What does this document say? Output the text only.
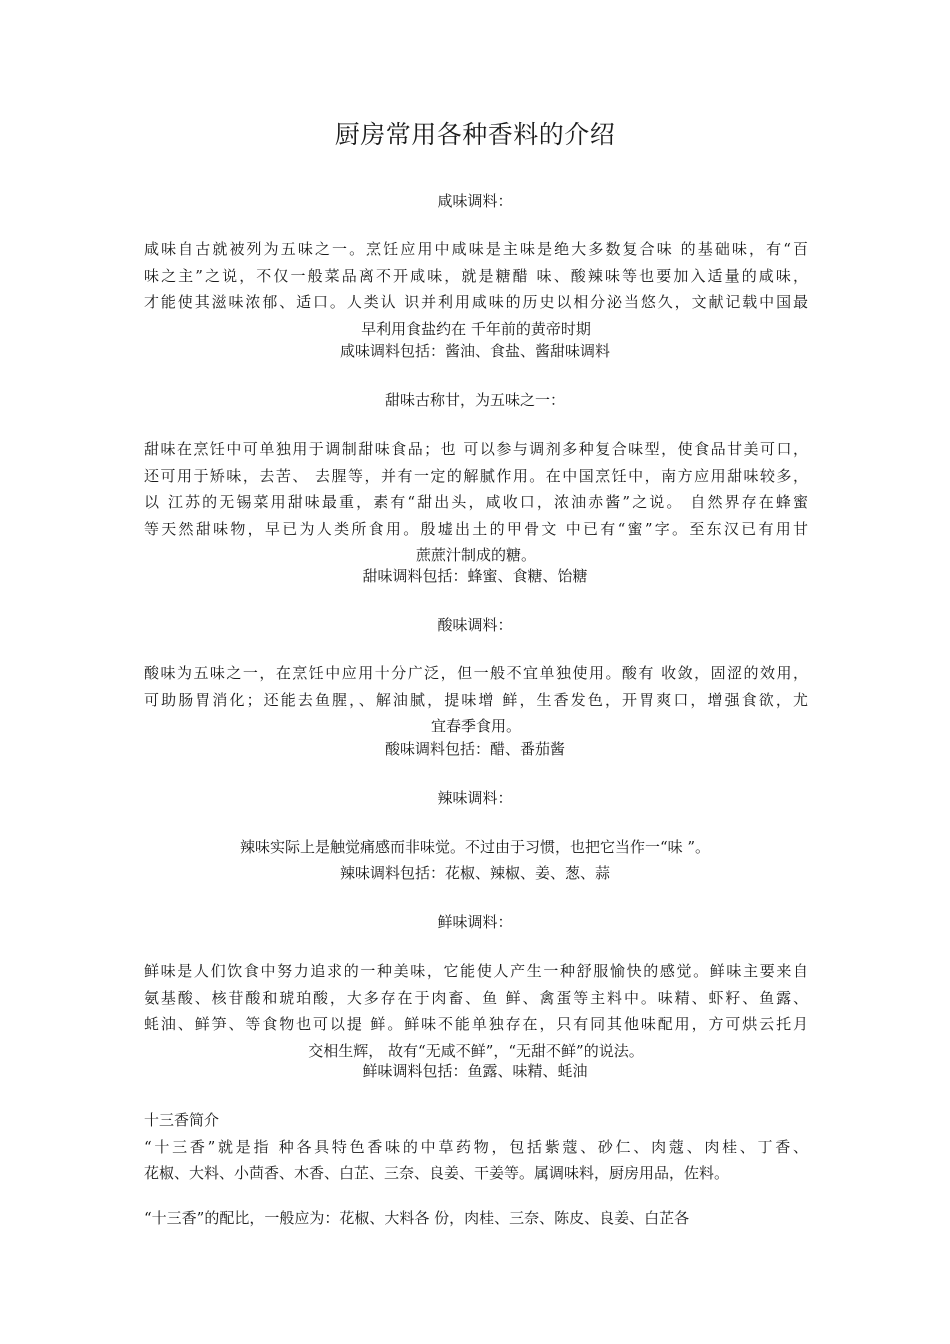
厨房常用各种香料的介绍
咸味调料：
咸味自古就被列为五味之一。烹饪应用中咸味是主味是绝大多数复合味 的基础味，有“百
味之主”之说，不仅一般菜品离不开咸味，就是糖醋 味、酸辣味等也要加入适量的咸味，
才能使其滋味浓郁、适口。人类认 识并利用咸味的历史以相分泌当悠久，文献记载中国最
早利用食盐约在 千年前的黄帝时期
咸味调料包括：酱油、食盐、酱甜味调料
甜味古称甘，为五味之一：
甜味在烹饪中可单独用于调制甜味食品；也 可以参与调剂多种复合味型，使食品甘美可口，
还可用于矫味，去苦、 去腥等，并有一定的解腻作用。在中国烹饪中，南方应用甜味较多，
以 江苏的无锡菜用甜味最重，素有“甜出头，咸收口，浓油赤酱”之说。 自然界存在蜂蜜
等天然甜味物，早已为人类所食用。殷墟出土的甲骨文 中已有“蜜”字。至东汉已有用甘
蔗蔗汁制成的糖。
甜味调料包括：蜂蜜、食糖、饴糖
酸味调料：
酸味为五味之一，在烹饪中应用十分广泛，但一般不宜单独使用。酸有 收敛，固涩的效用，
可助肠胃消化；还能去鱼腥，、解油腻，提味增 鲜，生香发色，开胃爽口，增强食欲，尤
宜春季食用。
酸味调料包括：醋、番茄酱
辣味调料：
辣味实际上是触觉痛感而非味觉。不过由于习惯，也把它当作一“味 ”。
辣味调料包括：花椒、辣椒、姜、葱、蒜
鲜味调料：
鲜味是人们饮食中努力追求的一种美味，它能使人产生一种舒服愉快的感觉。鲜味主要来自
氨基酸、核苷酸和琥珀酸，大多存在于肉畜、鱼 鲜、禽蛋等主料中。味精、虾籽、鱼露、
蚝油、鲜笋、等食物也可以提 鲜。鲜味不能单独存在，只有同其他味配用，方可烘云托月
交相生辉， 故有“无咸不鲜”，“无甜不鲜”的说法。
鲜味调料包括：鱼露、味精、蚝油
十三香简介
“十三香”就是指 种各具特色香味的中草药物，包括紫蔻、砂仁、肉蔻、肉桂、丁香、
花椒、大料、小茴香、木香、白芷、三奈、良姜、干姜等。属调味料，厨房用品，佐料。
“十三香”的配比，一般应为：花椒、大料各 份，肉桂、三奈、陈皮、良姜、白芷各
